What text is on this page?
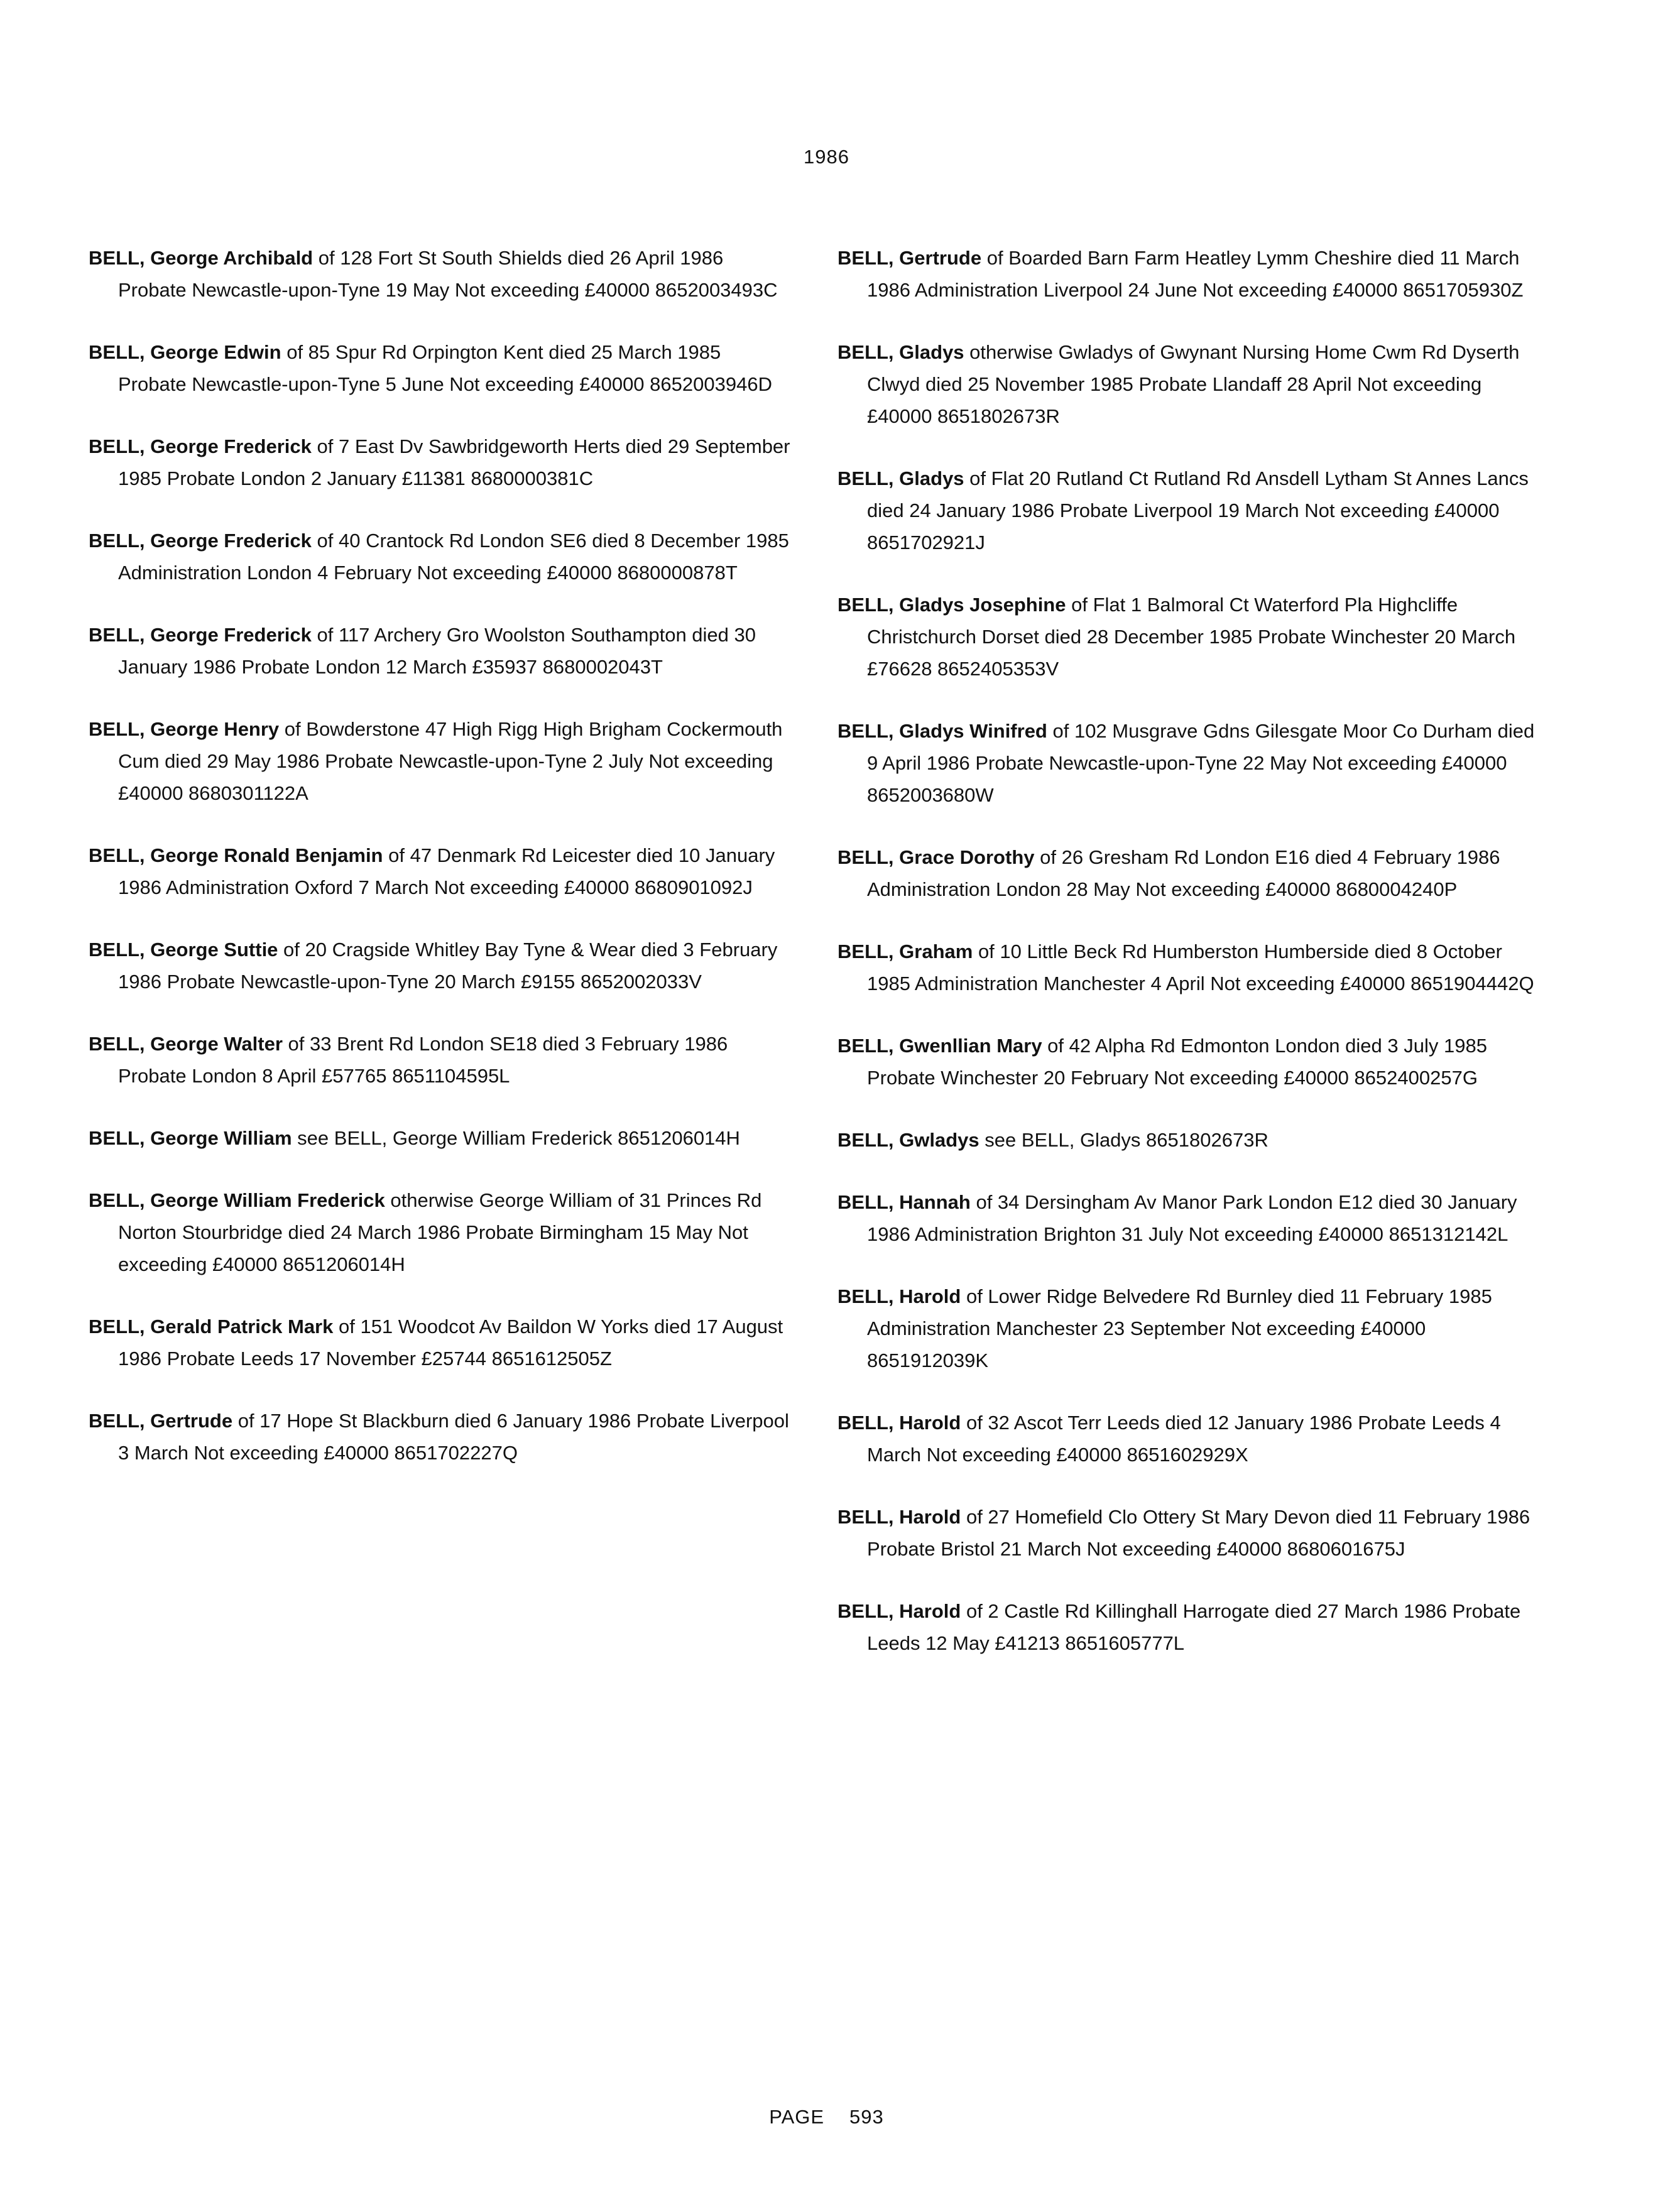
1986

BELL, George Archibald of 128 Fort St South Shields died 26 April 1986 Probate Newcastle-upon-Tyne 19 May Not exceeding £40000 8652003493C

BELL, George Edwin of 85 Spur Rd Orpington Kent died 25 March 1985 Probate Newcastle-upon-Tyne 5 June Not exceeding £40000 8652003946D

BELL, George Frederick of 7 East Dv Sawbridgeworth Herts died 29 September 1985 Probate London 2 January £11381 8680000381C

BELL, George Frederick of 40 Crantock Rd London SE6 died 8 December 1985 Administration London 4 February Not exceeding £40000 8680000878T

BELL, George Frederick of 117 Archery Gro Woolston Southampton died 30 January 1986 Probate London 12 March £35937 8680002043T

BELL, George Henry of Bowderstone 47 High Rigg High Brigham Cockermouth Cum died 29 May 1986 Probate Newcastle-upon-Tyne 2 July Not exceeding £40000 8680301122A

BELL, George Ronald Benjamin of 47 Denmark Rd Leicester died 10 January 1986 Administration Oxford 7 March Not exceeding £40000 8680901092J

BELL, George Suttie of 20 Cragside Whitley Bay Tyne & Wear died 3 February 1986 Probate Newcastle-upon-Tyne 20 March £9155 8652002033V

BELL, George Walter of 33 Brent Rd London SE18 died 3 February 1986 Probate London 8 April £57765 8651104595L

BELL, George William see BELL, George William Frederick 8651206014H

BELL, George William Frederick otherwise George William of 31 Princes Rd Norton Stourbridge died 24 March 1986 Probate Birmingham 15 May Not exceeding £40000 8651206014H

BELL, Gerald Patrick Mark of 151 Woodcot Av Baildon W Yorks died 17 August 1986 Probate Leeds 17 November £25744 8651612505Z

BELL, Gertrude of 17 Hope St Blackburn died 6 January 1986 Probate Liverpool 3 March Not exceeding £40000 8651702227Q

BELL, Gertrude of Boarded Barn Farm Heatley Lymm Cheshire died 11 March 1986 Administration Liverpool 24 June Not exceeding £40000 8651705930Z

BELL, Gladys otherwise Gwladys of Gwynant Nursing Home Cwm Rd Dyserth Clwyd died 25 November 1985 Probate Llandaff 28 April Not exceeding £40000 8651802673R

BELL, Gladys of Flat 20 Rutland Ct Rutland Rd Ansdell Lytham St Annes Lancs died 24 January 1986 Probate Liverpool 19 March Not exceeding £40000 8651702921J

BELL, Gladys Josephine of Flat 1 Balmoral Ct Waterford Pla Highcliffe Christchurch Dorset died 28 December 1985 Probate Winchester 20 March £76628 8652405353V

BELL, Gladys Winifred of 102 Musgrave Gdns Gilesgate Moor Co Durham died 9 April 1986 Probate Newcastle-upon-Tyne 22 May Not exceeding £40000 8652003680W

BELL, Grace Dorothy of 26 Gresham Rd London E16 died 4 February 1986 Administration London 28 May Not exceeding £40000 8680004240P

BELL, Graham of 10 Little Beck Rd Humberston Humberside died 8 October 1985 Administration Manchester 4 April Not exceeding £40000 8651904442Q

BELL, Gwenllian Mary of 42 Alpha Rd Edmonton London died 3 July 1985 Probate Winchester 20 February Not exceeding £40000 8652400257G

BELL, Gwladys see BELL, Gladys 8651802673R

BELL, Hannah of 34 Dersingham Av Manor Park London E12 died 30 January 1986 Administration Brighton 31 July Not exceeding £40000 8651312142L

BELL, Harold of Lower Ridge Belvedere Rd Burnley died 11 February 1985 Administration Manchester 23 September Not exceeding £40000 8651912039K

BELL, Harold of 32 Ascot Terr Leeds died 12 January 1986 Probate Leeds 4 March Not exceeding £40000 8651602929X

BELL, Harold of 27 Homefield Clo Ottery St Mary Devon died 11 February 1986 Probate Bristol 21 March Not exceeding £40000 8680601675J

BELL, Harold of 2 Castle Rd Killinghall Harrogate died 27 March 1986 Probate Leeds 12 May £41213 8651605777L

PAGE 593
